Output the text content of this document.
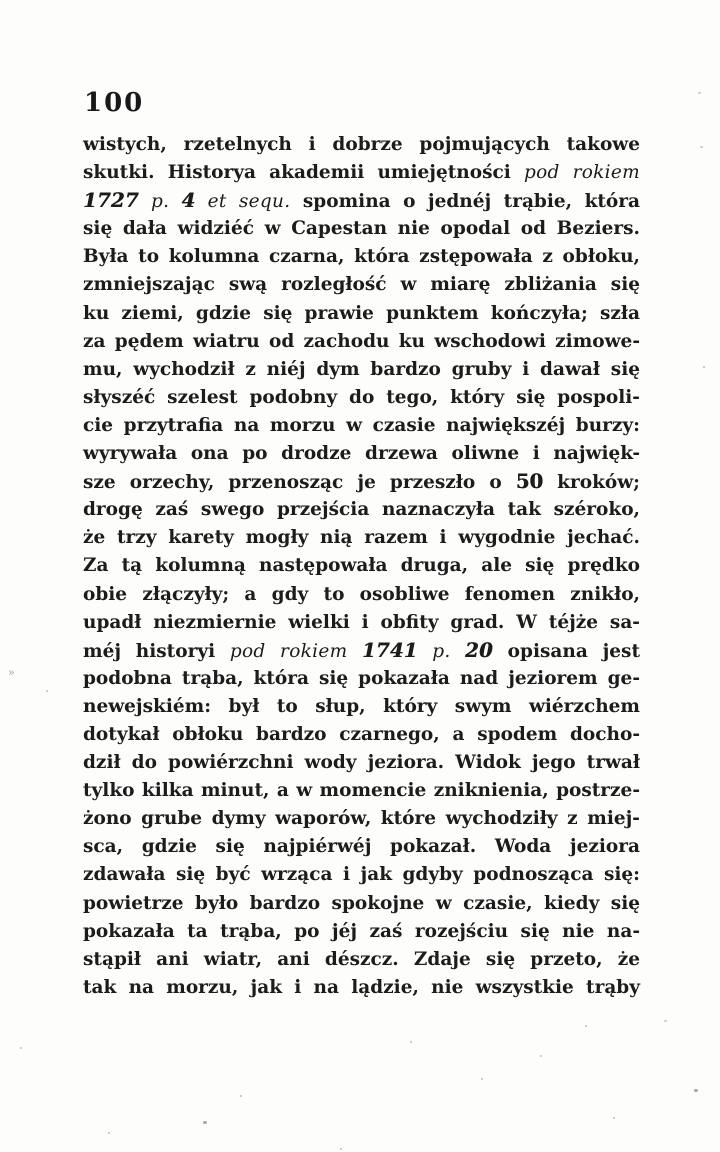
100
wistych, rzetelnych i dobrze pojmujących takowe
skutki. Historya akademii umiejętności pod rokiem
1727 p. 4 et sequ. spomina o jednéj trąbie, która
się dała widziéć w Capestan nie opodal od Beziers.
Była to kolumna czarna, która zstępowała z obłoku,
zmniejszając swą rozległość w miarę zbliżania się
ku ziemi, gdzie się prawie punktem kończyła; szła
za pędem wiatru od zachodu ku wschodowi zimowe-
mu, wychodził z niéj dym bardzo gruby i dawał się
słyszéć szelest podobny do tego, który się pospoli-
cie przytrafia na morzu w czasie największéj burzy:
wyrywała ona po drodze drzewa oliwne i najwięk-
sze orzechy, przenosząc je przeszło o 50 kroków;
drogę zaś swego przejścia naznaczyła tak széroko,
że trzy karety mogły nią razem i wygodnie jechać.
Za tą kolumną następowała druga, ale się prędko
obie złączyły; a gdy to osobliwe fenomen znikło,
upadł niezmiernie wielki i obfity grad. W téjże sa-
méj historyi pod rokiem 1741 p. 20 opisana jest
podobna trąba, która się pokazała nad jeziorem ge-
newejskiém: był to słup, który swym wiérzchem
dotykał obłoku bardzo czarnego, a spodem docho-
dził do powiérzchni wody jeziora. Widok jego trwał
tylko kilka minut, a w momencie zniknienia, postrze-
żono grube dymy waporów, które wychodziły z miej-
sca, gdzie się najpiérwéj pokazał. Woda jeziora
zdawała się być wrząca i jak gdyby podnosząca się:
powietrze było bardzo spokojne w czasie, kiedy się
pokazała ta trąba, po jéj zaś rozejściu się nie na-
stąpił ani wiatr, ani dészcz. Zdaje się przeto, że
tak na morzu, jak i na lądzie, nie wszystkie trąby
»
